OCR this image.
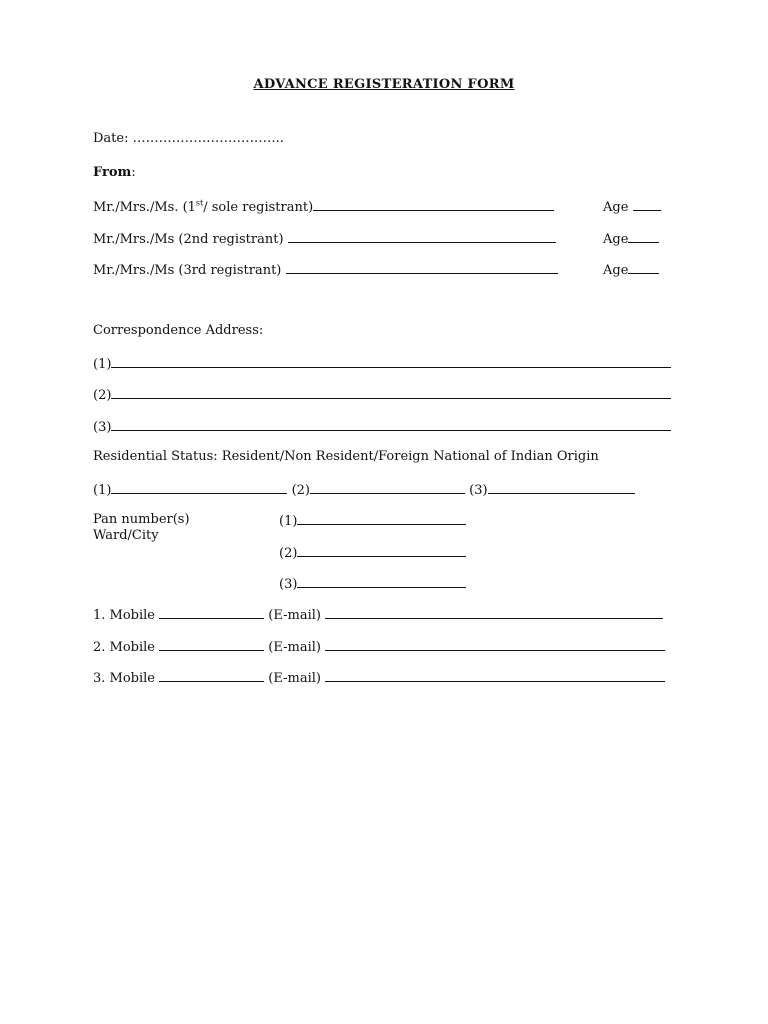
ADVANCE REGISTERATION FORM
Date: ……………………………..
From:
Mr./Mrs./Ms. (1st/ sole registrant)	Age
Mr./Mrs./Ms (2nd registrant)	Age
Mr./Mrs./Ms (3rd registrant)	Age
Correspondence Address:
(1)
(2)
(3)
Residential Status: Resident/Non Resident/Foreign National of Indian Origin
(1)	(2)	(3)
Pan number(s)
Ward/City
(1)
(2)
(3)
1. Mobile	(E-mail)
2. Mobile	(E-mail)
3. Mobile	(E-mail)
